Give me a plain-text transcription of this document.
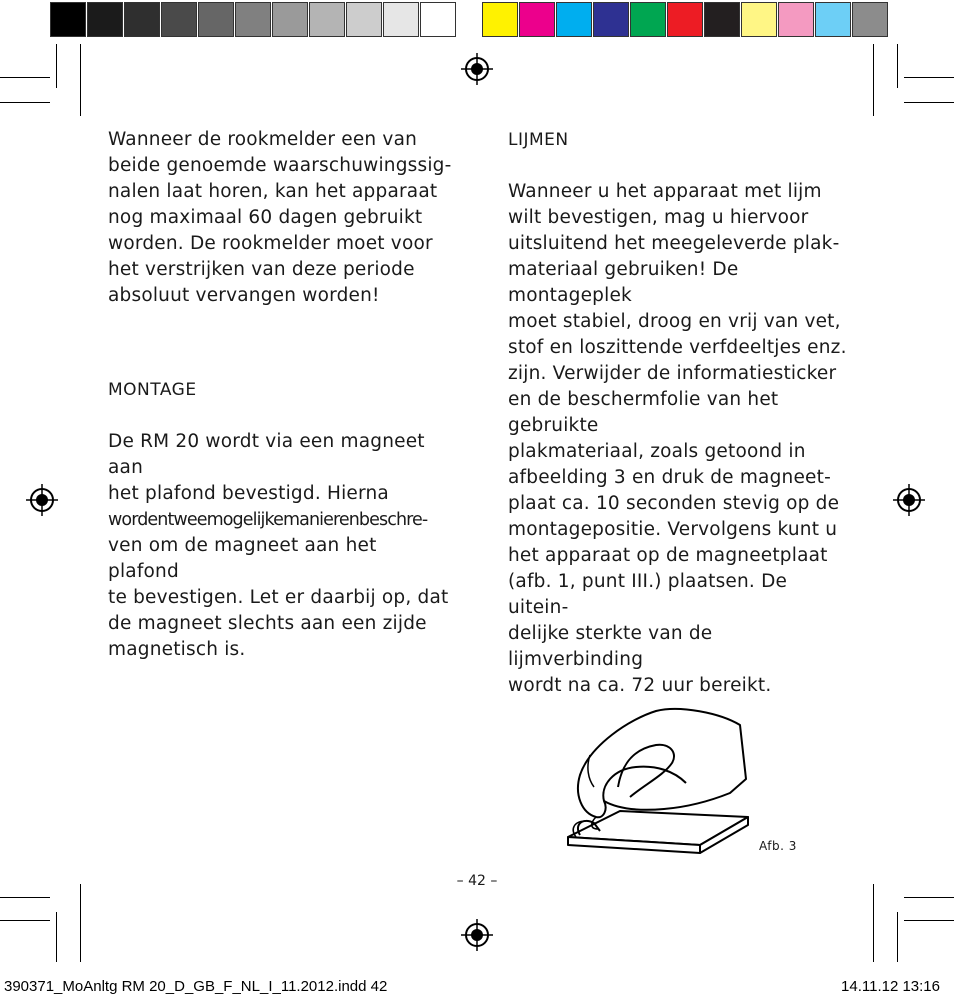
Wanneer de rookmelder een van
beide genoemde waarschuwingssig-
nalen laat horen, kan het apparaat
nog maximaal 60 dagen gebruikt
worden. De rookmelder moet voor
het verstrijken van deze periode
absoluut vervangen worden!

MONTAGE

De RM 20 wordt via een magneet aan
het plafond bevestigd. Hierna

wordentweemogelijkemanierenbeschre-

ven om de magneet aan het plafond
te bevestigen. Let er daarbij op, dat
de magneet slechts aan een zijde
magnetisch is.

LIJMEN

Wanneer u het apparaat met lijm
wilt bevestigen, mag u hiervoor
uitsluitend het meegeleverde plak-
materiaal gebruiken! De montageplek
moet stabiel, droog en vrij van vet,
stof en loszittende verfdeeltjes enz.
zijn. Verwijder de informatiesticker
en de beschermfolie van het gebruikte
plakmateriaal, zoals getoond in
afbeelding 3 en druk de magneet-
plaat ca. 10 seconden stevig op de
montagepositie. Vervolgens kunt u
het apparaat op de magneetplaat
(afb. 1, punt III.) plaatsen. De uitein-
delijke sterkte van de lijmverbinding
wordt na ca. 72 uur bereikt.

Afb. 3
– 42 –
390371_MoAnltg RM 20_D_GB_F_NL_I_11.2012.indd 42	14.11.12 13:16
